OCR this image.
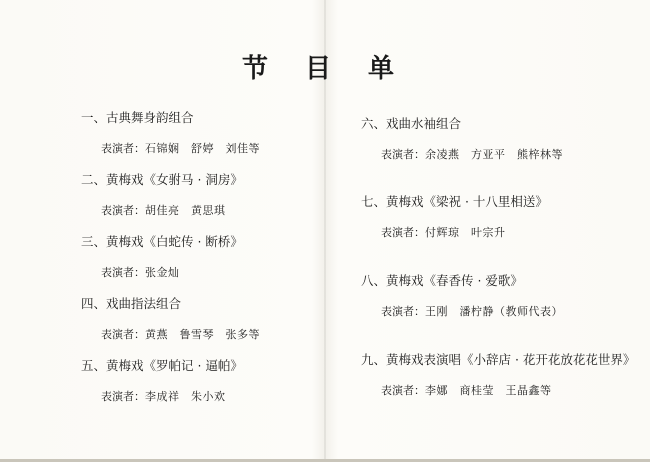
节 目 单
一、古典舞身韵组合
表演者：石锦娴　舒婷　刘佳等
二、黄梅戏《女驸马 · 洞房》
表演者：胡佳亮　黄思琪
三、黄梅戏《白蛇传 · 断桥》
表演者：张金灿
四、戏曲指法组合
表演者：黄燕　鲁雪琴　张多等
五、黄梅戏《罗帕记 · 逼帕》
表演者：李成祥　朱小欢
六、戏曲水袖组合
表演者：余凌燕　方亚平　熊梓林等
七、黄梅戏《梁祝 · 十八里相送》
表演者：付辉琼　叶宗升
八、黄梅戏《春香传 · 爱歌》
表演者：王刚　潘柠静（教师代表）
九、黄梅戏表演唱《小辞店 · 花开花放花花世界》
表演者：李娜　商桂莹　王晶鑫等
